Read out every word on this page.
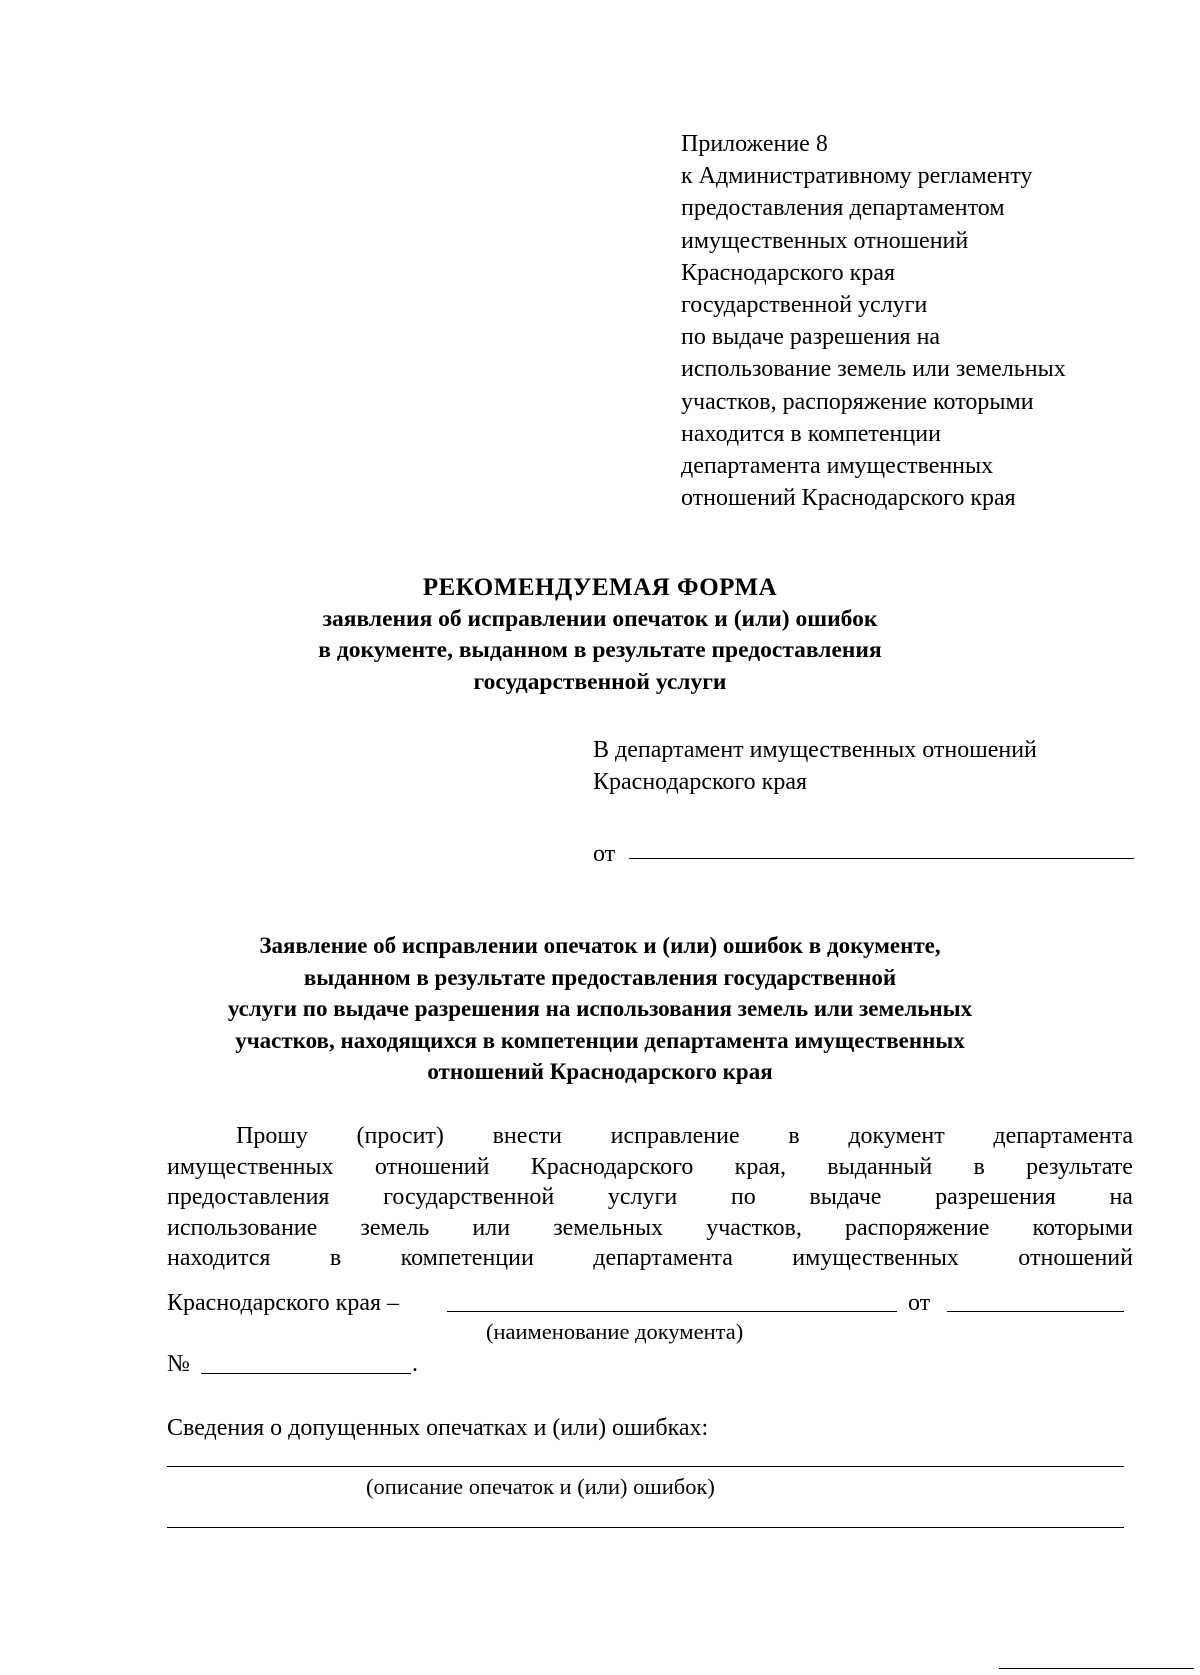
Приложение 8
к Административному регламенту
предоставления департаментом
имущественных отношений
Краснодарского края
государственной услуги
по выдаче разрешения на
использование земель или земельных
участков, распоряжение которыми
находится в компетенции
департамента имущественных
отношений Краснодарского края
РЕКОМЕНДУЕМАЯ ФОРМА
заявления об исправлении опечаток и (или) ошибок
в документе, выданном в результате предоставления
государственной услуги
В департамент имущественных отношений
Краснодарского края
от
Заявление об исправлении опечаток и (или) ошибок в документе,
выданном в результате предоставления государственной
услуги по выдаче разрешения на использования земель или земельных
участков, находящихся в компетенции департамента имущественных
отношений Краснодарского края
Прошу (просит) внести исправление в документ департамента
имущественных отношений Краснодарского края, выданный в результате
предоставления государственной услуги по выдаче разрешения на
использование земель или земельных участков, распоряжение которыми
находится в компетенции департамента имущественных отношений
Краснодарского края –	от
(наименование документа)
№	.
Сведения о допущенных опечатках и (или) ошибках:
(описание опечаток и (или) ошибок)
